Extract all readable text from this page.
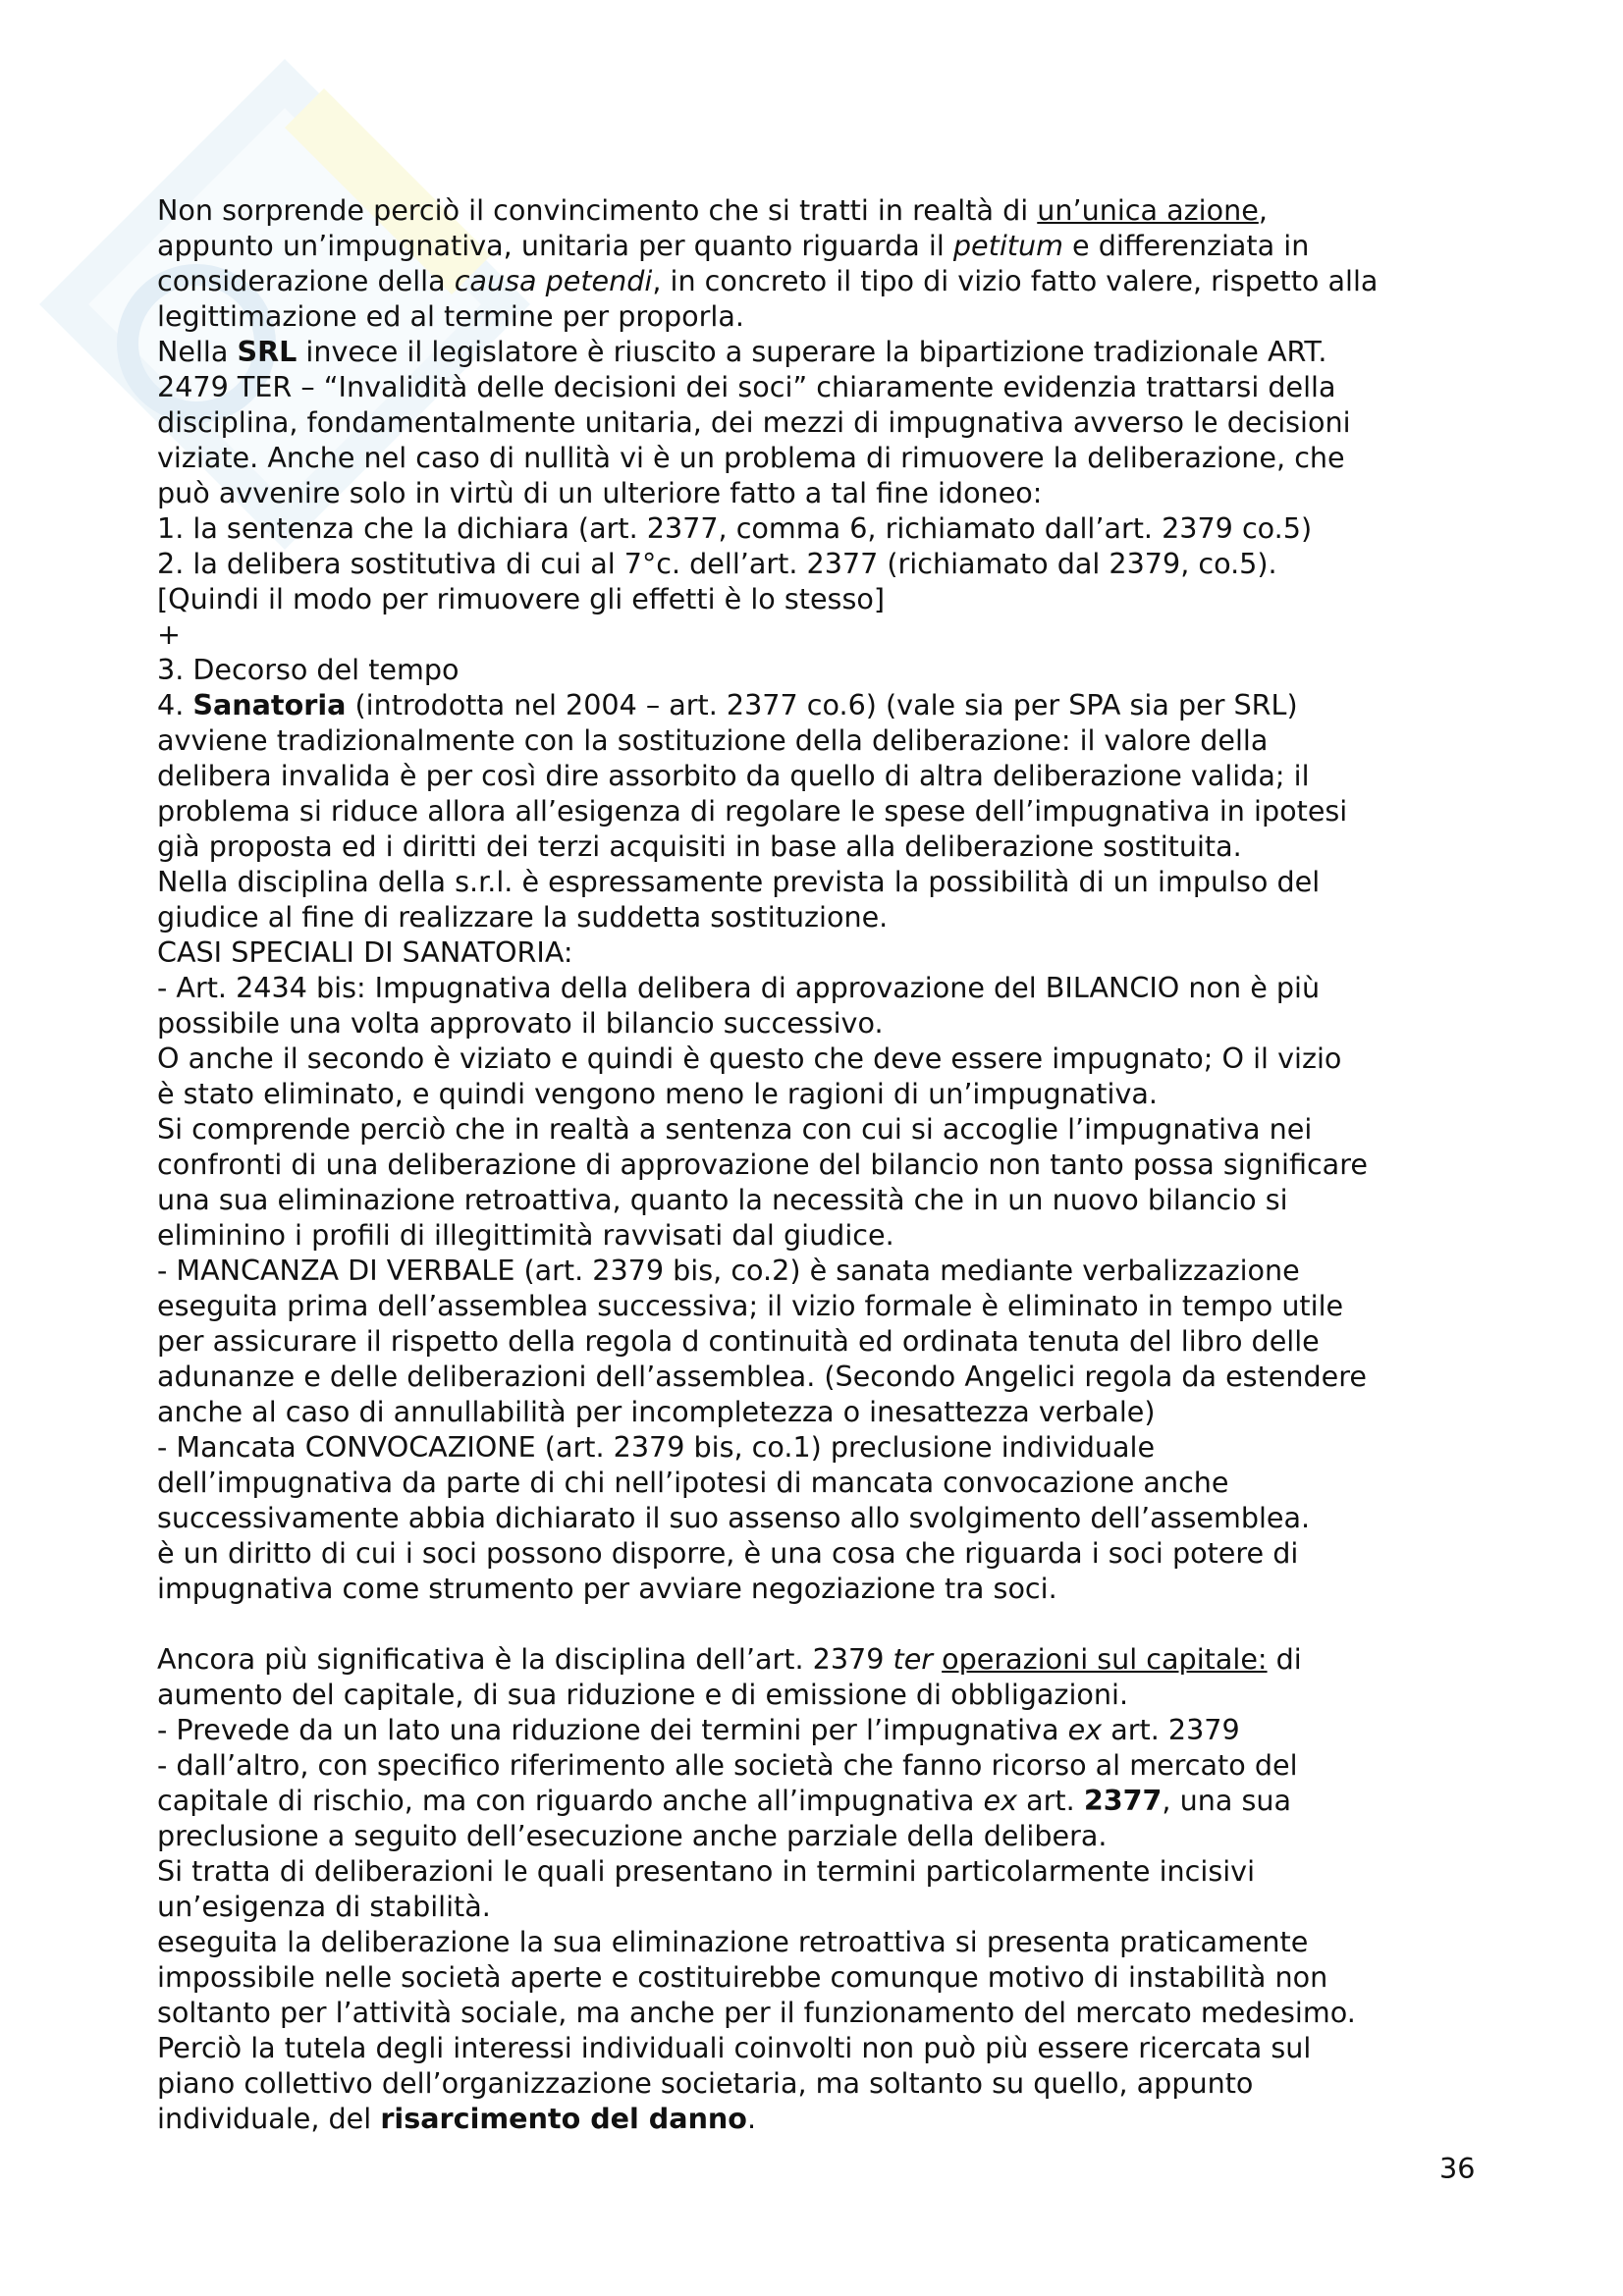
Non sorprende perciò il convincimento che si tratti in realtà di un’unica azione,
appunto un’impugnativa, unitaria per quanto riguarda il petitum e differenziata in
considerazione della causa petendi, in concreto il tipo di vizio fatto valere, rispetto alla
legittimazione ed al termine per proporla.
Nella SRL invece il legislatore è riuscito a superare la bipartizione tradizionale ART.
2479 TER – “Invalidità delle decisioni dei soci” chiaramente evidenzia trattarsi della
disciplina, fondamentalmente unitaria, dei mezzi di impugnativa avverso le decisioni
viziate. Anche nel caso di nullità vi è un problema di rimuovere la deliberazione, che
può avvenire solo in virtù di un ulteriore fatto a tal fine idoneo:
1. la sentenza che la dichiara (art. 2377, comma 6, richiamato dall’art. 2379 co.5)
2. la delibera sostitutiva di cui al 7°c. dell’art. 2377 (richiamato dal 2379, co.5).
[Quindi il modo per rimuovere gli effetti è lo stesso]
+
3. Decorso del tempo
4. Sanatoria (introdotta nel 2004 – art. 2377 co.6) (vale sia per SPA sia per SRL)
avviene tradizionalmente con la sostituzione della deliberazione: il valore della
delibera invalida è per così dire assorbito da quello di altra deliberazione valida; il
problema si riduce allora all’esigenza di regolare le spese dell’impugnativa in ipotesi
già proposta ed i diritti dei terzi acquisiti in base alla deliberazione sostituita.
Nella disciplina della s.r.l. è espressamente prevista la possibilità di un impulso del
giudice al fine di realizzare la suddetta sostituzione.
CASI SPECIALI DI SANATORIA:
- Art. 2434 bis: Impugnativa della delibera di approvazione del BILANCIO non è più
possibile una volta approvato il bilancio successivo.
O anche il secondo è viziato e quindi è questo che deve essere impugnato; O il vizio
è stato eliminato, e quindi vengono meno le ragioni di un’impugnativa.
Si comprende perciò che in realtà a sentenza con cui si accoglie l’impugnativa nei
confronti di una deliberazione di approvazione del bilancio non tanto possa significare
una sua eliminazione retroattiva, quanto la necessità che in un nuovo bilancio si
eliminino i profili di illegittimità ravvisati dal giudice.
- MANCANZA DI VERBALE (art. 2379 bis, co.2) è sanata mediante verbalizzazione
eseguita prima dell’assemblea successiva; il vizio formale è eliminato in tempo utile
per assicurare il rispetto della regola d continuità ed ordinata tenuta del libro delle
adunanze e delle deliberazioni dell’assemblea. (Secondo Angelici regola da estendere
anche al caso di annullabilità per incompletezza o inesattezza verbale)
- Mancata CONVOCAZIONE (art. 2379 bis, co.1) preclusione individuale
dell’impugnativa da parte di chi nell’ipotesi di mancata convocazione anche
successivamente abbia dichiarato il suo assenso allo svolgimento dell’assemblea.
è un diritto di cui i soci possono disporre, è una cosa che riguarda i soci potere di
impugnativa come strumento per avviare negoziazione tra soci.
Ancora più significativa è la disciplina dell’art. 2379 ter operazioni sul capitale: di
aumento del capitale, di sua riduzione e di emissione di obbligazioni.
- Prevede da un lato una riduzione dei termini per l’impugnativa ex art. 2379
- dall’altro, con specifico riferimento alle società che fanno ricorso al mercato del
capitale di rischio, ma con riguardo anche all’impugnativa ex art. 2377, una sua
preclusione a seguito dell’esecuzione anche parziale della delibera.
Si tratta di deliberazioni le quali presentano in termini particolarmente incisivi
un’esigenza di stabilità.
eseguita la deliberazione la sua eliminazione retroattiva si presenta praticamente
impossibile nelle società aperte e costituirebbe comunque motivo di instabilità non
soltanto per l’attività sociale, ma anche per il funzionamento del mercato medesimo.
Perciò la tutela degli interessi individuali coinvolti non può più essere ricercata sul
piano collettivo dell’organizzazione societaria, ma soltanto su quello, appunto
individuale, del risarcimento del danno.
36
